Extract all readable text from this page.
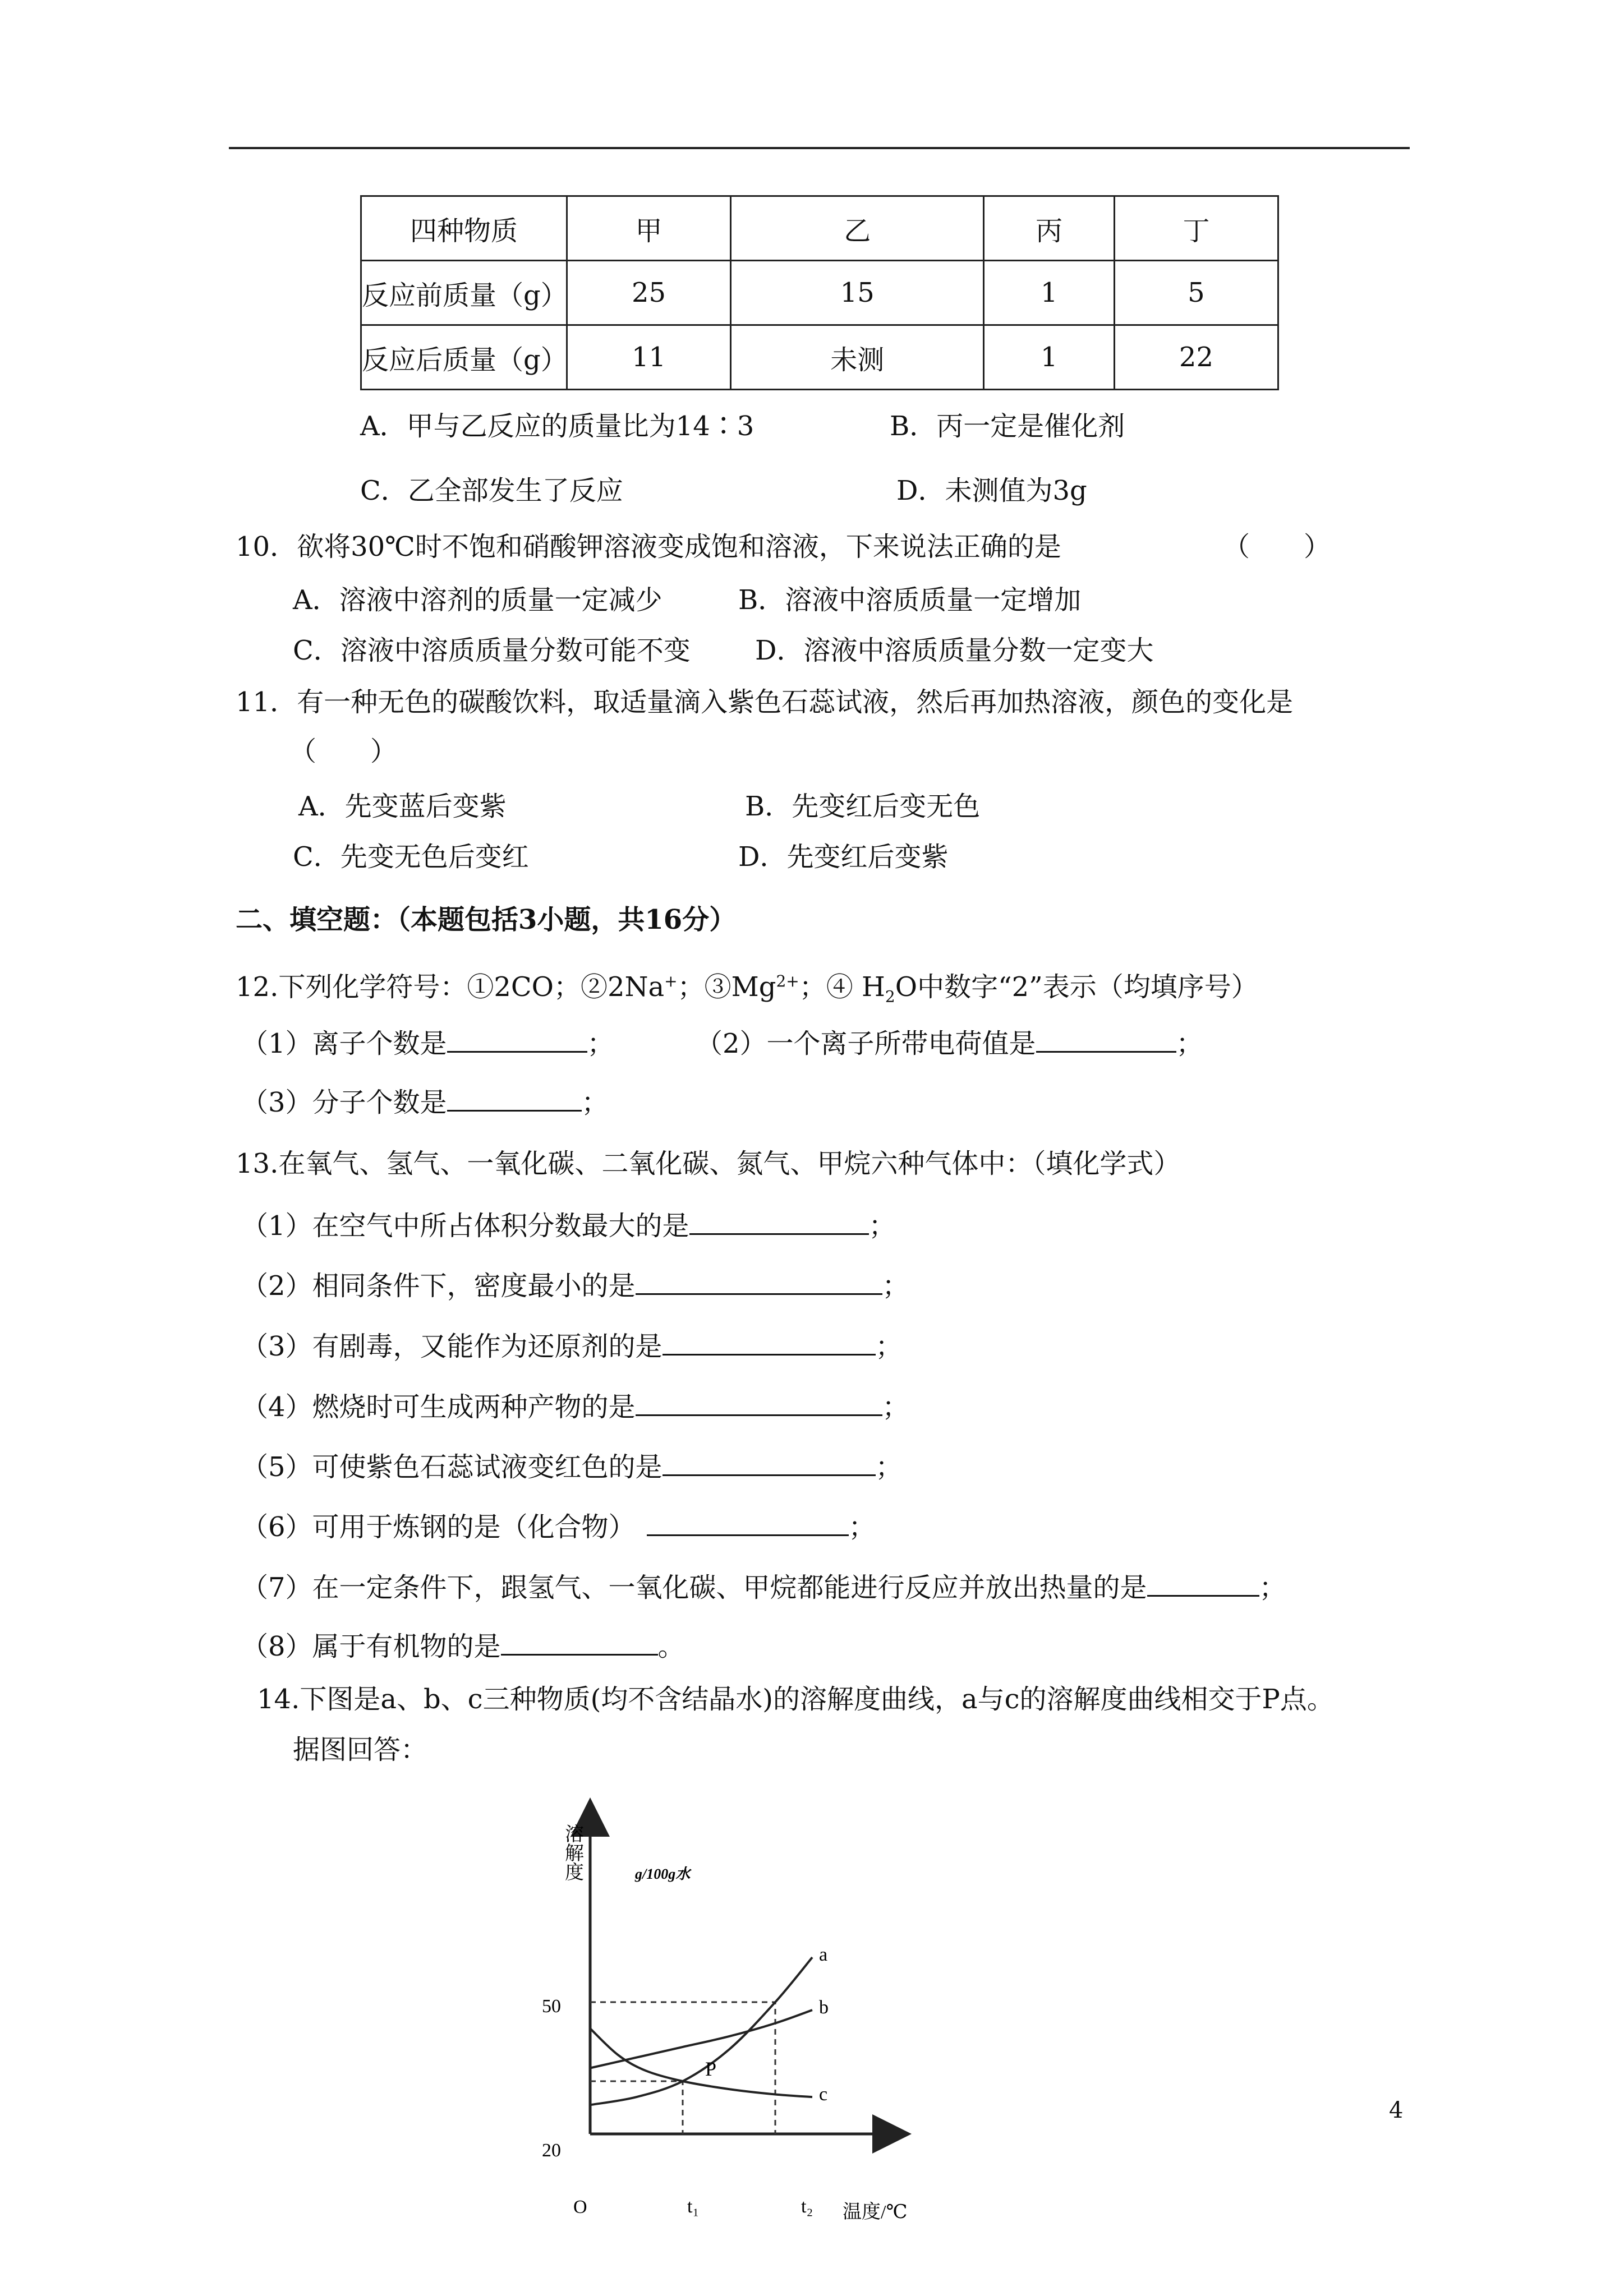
四种物质	甲	乙	丙	丁
反应前质量（g）	25	15	1	5
反应后质量（g）	11	未测	1	22
A．甲与乙反应的质量比为14∶3	B．丙一定是催化剂
C．乙全部发生了反应	D．未测值为3g
10．欲将30℃时不饱和硝酸钾溶液变成饱和溶液，下来说法正确的是	（　　）
A．溶液中溶剂的质量一定减少	B．溶液中溶质质量一定增加
C．溶液中溶质质量分数可能不变 D．溶液中溶质质量分数一定变大
11．有一种无色的碳酸饮料，取适量滴入紫色石蕊试液，然后再加热溶液，颜色的变化是
（　　）
A．先变蓝后变紫	B．先变红后变无色
C．先变无色后变红	D．先变红后变紫
二、填空题：（本题包括3小题，共16分）
12.下列化学符号：①2CO；②2Na+；$③Mg^{2+}$；④ $H_2O$中数字“2”表示（均填序号）
（1）离子个数是	；	（2）一个离子所带电荷值是	；
（3）分子个数是	；
13.在氧气、氢气、一氧化碳、二氧化碳、氮气、甲烷六种气体中：（填化学式）
（1）在空气中所占体积分数最大的是	；
（2）相同条件下，密度最小的是	；
（3）有剧毒，又能作为还原剂的是	；
（4）燃烧时可生成两种产物的是	；
（5）可使紫色石蕊试液变红色的是	；
（6）可用于炼钢的是（化合物）	；
（7）在一定条件下，跟氢气、一氧化碳、甲烷都能进行反应并放出热量的是	；
（8）属于有机物的是	。
14.下图是a、b、c三种物质(均不含结晶水)的溶解度曲线，a与c的溶解度曲线相交于P点。
据图回答：
溶解度	g/100g水
温度/℃
O
50
20
t₁	t₂
a
b
c
P
4
